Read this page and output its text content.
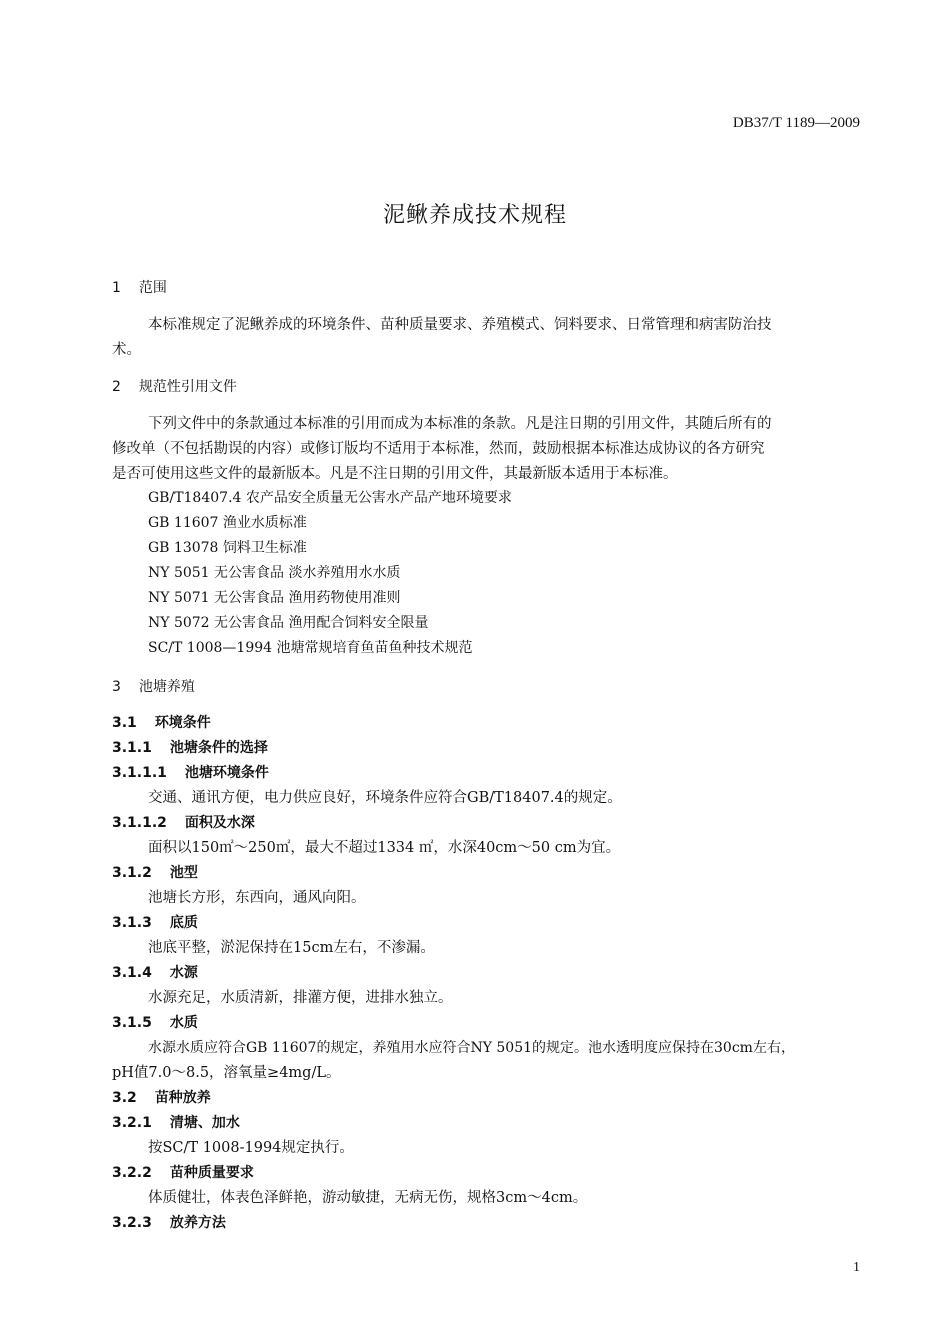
DB37/T 1189—2009
泥鳅养成技术规程
1 范围
本标准规定了泥鳅养成的环境条件、苗种质量要求、养殖模式、饲料要求、日常管理和病害防治技
术。
2 规范性引用文件
下列文件中的条款通过本标准的引用而成为本标准的条款。凡是注日期的引用文件，其随后所有的
修改单（不包括勘误的内容）或修订版均不适用于本标准，然而，鼓励根据本标准达成协议的各方研究
是否可使用这些文件的最新版本。凡是不注日期的引用文件，其最新版本适用于本标准。
GB/T18407.4 农产品安全质量无公害水产品产地环境要求
GB 11607 渔业水质标准
GB 13078 饲料卫生标准
NY 5051 无公害食品 淡水养殖用水水质
NY 5071 无公害食品 渔用药物使用准则
NY 5072 无公害食品 渔用配合饲料安全限量
SC/T 1008—1994 池塘常规培育鱼苗鱼种技术规范
3 池塘养殖
3.1 环境条件
3.1.1 池塘条件的选择
3.1.1.1 池塘环境条件
交通、通讯方便，电力供应良好，环境条件应符合GB/T18407.4的规定。
3.1.1.2 面积及水深
面积以150㎡～250㎡，最大不超过1334 ㎡，水深40cm～50 cm为宜。
3.1.2 池型
池塘长方形，东西向，通风向阳。
3.1.3 底质
池底平整，淤泥保持在15cm左右，不渗漏。
3.1.4 水源
水源充足，水质清新，排灌方便，进排水独立。
3.1.5 水质
水源水质应符合GB 11607的规定，养殖用水应符合NY 5051的规定。池水透明度应保持在30cm左右，
pH值7.0～8.5，溶氧量≥4mg/L。
3.2 苗种放养
3.2.1 清塘、加水
按SC/T 1008-1994规定执行。
3.2.2 苗种质量要求
体质健壮，体表色泽鲜艳，游动敏捷，无病无伤，规格3cm～4cm。
3.2.3 放养方法
1
